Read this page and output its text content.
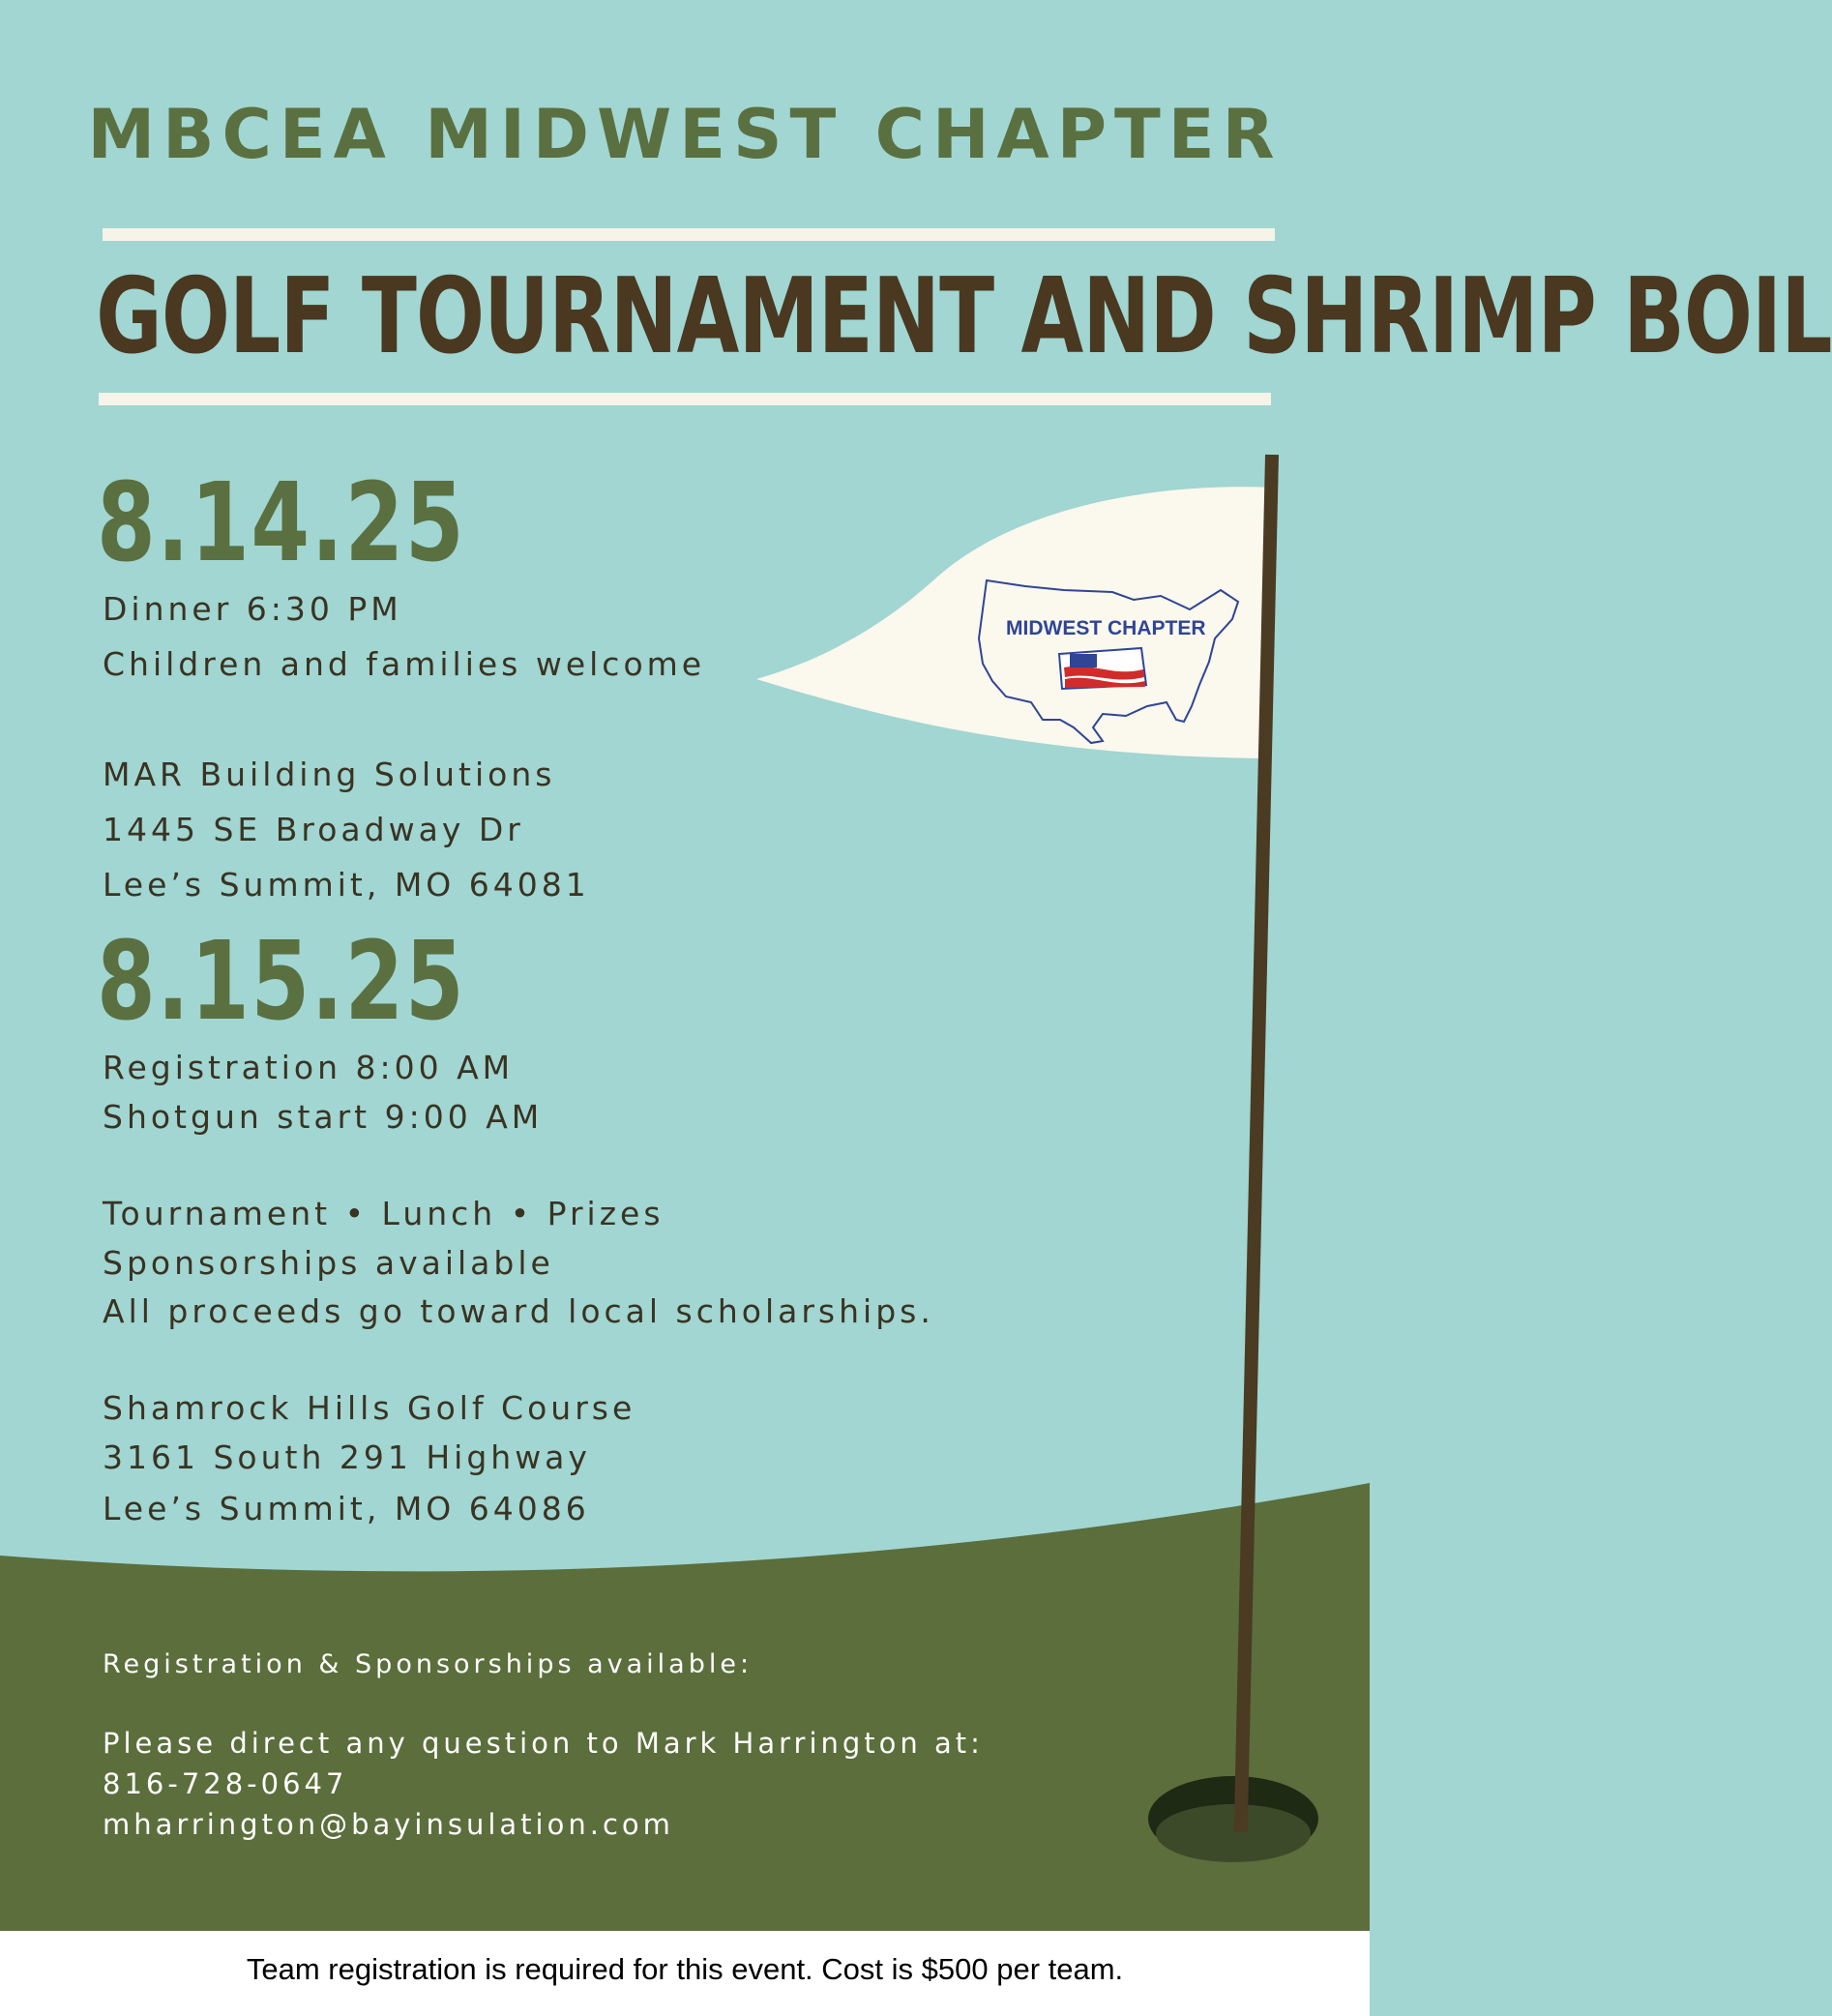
MBCEA MIDWEST CHAPTER
GOLF TOURNAMENT AND SHRIMP BOIL
MIDWEST CHAPTER
8.14.25
Dinner 6:30 PM
Children and families welcome
MAR Building Solutions
1445 SE Broadway Dr
Lee’s Summit, MO 64081
8.15.25
Registration 8:00 AM
Shotgun start 9:00 AM
Tournament • Lunch • Prizes
Sponsorships available
All proceeds go toward local scholarships.
Shamrock Hills Golf Course
3161 South 291 Highway
Lee’s Summit, MO 64086
Registration & Sponsorships available:
Please direct any question to Mark Harrington at:
816-728-0647
mharrington@bayinsulation.com
Team registration is required for this event. Cost is $500 per team.
